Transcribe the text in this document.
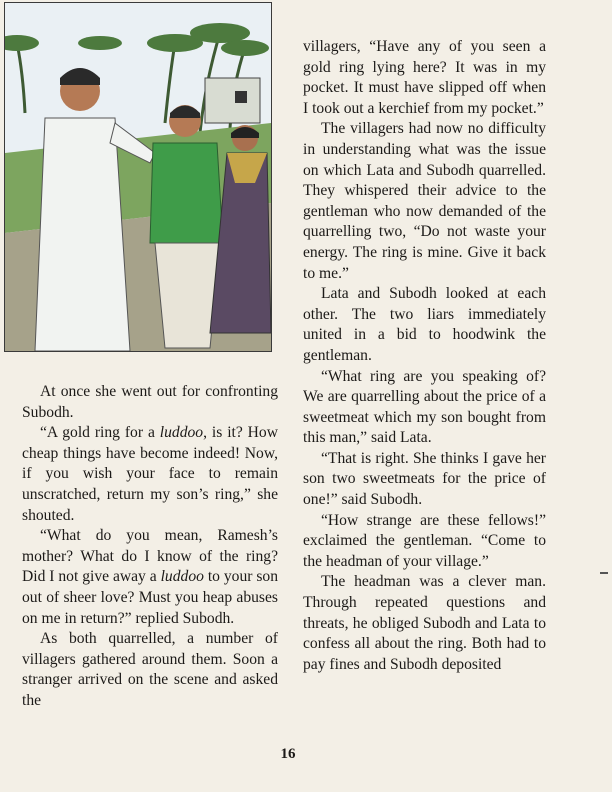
At once she went out for confronting Subodh.

“A gold ring for a luddoo, is it? How cheap things have become indeed! Now, if you wish your face to remain unscratched, return my son’s ring,” she shouted.

“What do you mean, Ramesh’s mother? What do I know of the ring? Did I not give away a luddoo to your son out of sheer love? Must you heap abuses on me in return?” replied Subodh.

As both quarrelled, a number of villagers gathered around them. Soon a stranger arrived on the scene and asked the

villagers, “Have any of you seen a gold ring lying here? It was in my pocket. It must have slipped off when I took out a kerchief from my pocket.”

The villagers had now no difficulty in understanding what was the issue on which Lata and Subodh quarrelled. They whispered their advice to the gentleman who now demanded of the quarrelling two, “Do not waste your energy. The ring is mine. Give it back to me.”

Lata and Subodh looked at each other. The two liars immediately united in a bid to hoodwink the gentleman.

“What ring are you speaking of? We are quarrelling about the price of a sweetmeat which my son bought from this man,” said Lata.

“That is right. She thinks I gave her son two sweetmeats for the price of one!” said Subodh.

“How strange are these fellows!” exclaimed the gentleman. “Come to the headman of your village.”

The headman was a clever man. Through repeated questions and threats, he obliged Subodh and Lata to confess all about the ring. Both had to pay fines and Subodh deposited

16
